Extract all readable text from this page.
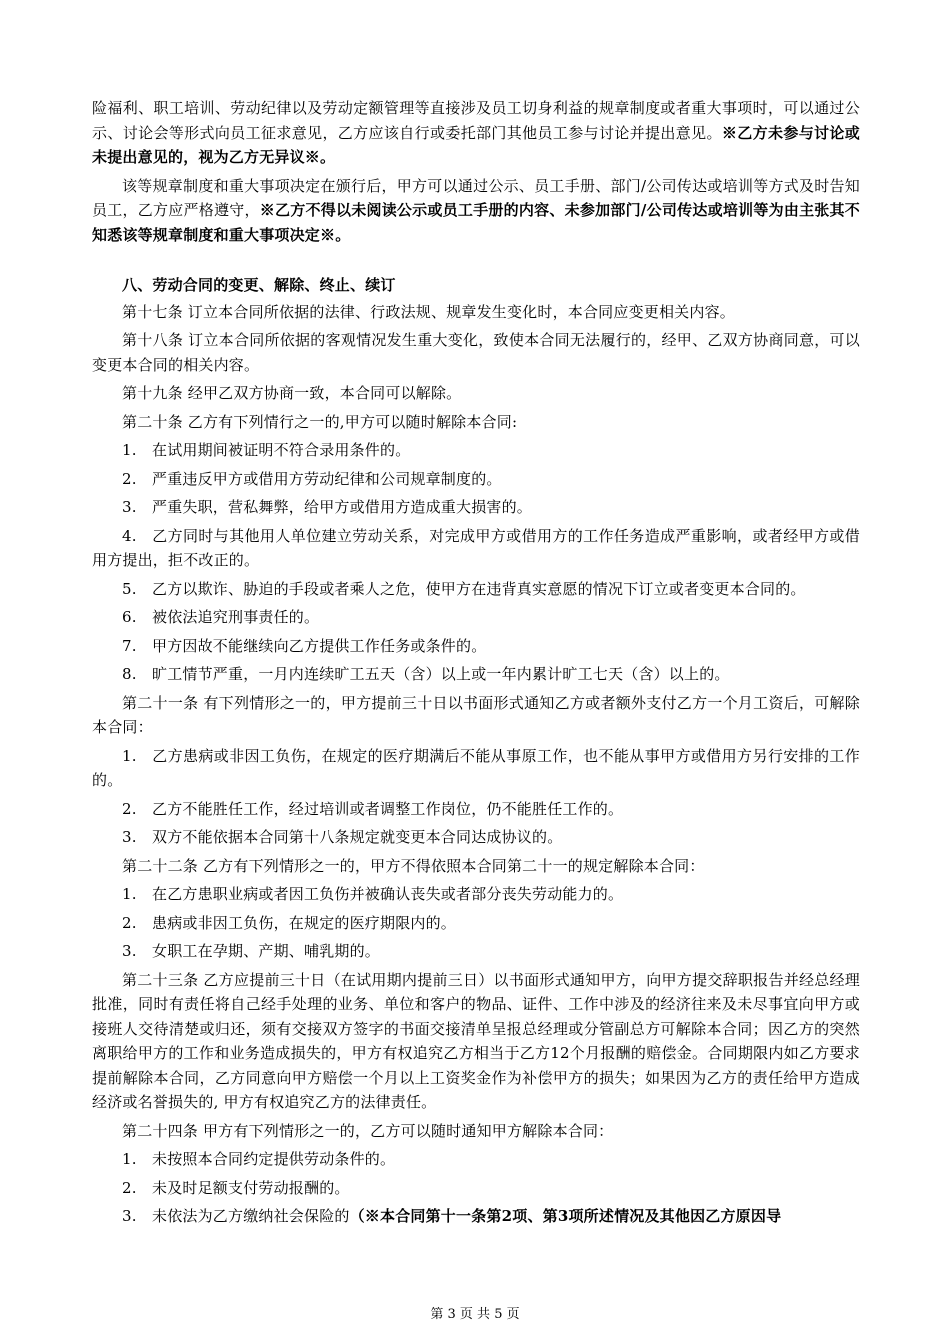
险福利、职工培训、劳动纪律以及劳动定额管理等直接涉及员工切身利益的规章制度或者重大事项时，可以通过公示、讨论会等形式向员工征求意见，乙方应该自行或委托部门其他员工参与讨论并提出意见。※乙方未参与讨论或未提出意见的，视为乙方无异议※。

该等规章制度和重大事项决定在颁行后，甲方可以通过公示、员工手册、部门/公司传达或培训等方式及时告知员工，乙方应严格遵守，※乙方不得以未阅读公示或员工手册的内容、未参加部门/公司传达或培训等为由主张其不知悉该等规章制度和重大事项决定※。

八、劳动合同的变更、解除、终止、续订

第十七条 订立本合同所依据的法律、行政法规、规章发生变化时，本合同应变更相关内容。

第十八条 订立本合同所依据的客观情况发生重大变化，致使本合同无法履行的，经甲、乙双方协商同意，可以变更本合同的相关内容。

第十九条 经甲乙双方协商一致，本合同可以解除。

第二十条 乙方有下列情行之一的,甲方可以随时解除本合同:

1. 在试用期间被证明不符合录用条件的。

2. 严重违反甲方或借用方劳动纪律和公司规章制度的。

3. 严重失职，营私舞弊，给甲方或借用方造成重大损害的。

4. 乙方同时与其他用人单位建立劳动关系，对完成甲方或借用方的工作任务造成严重影响，或者经甲方或借用方提出，拒不改正的。

5. 乙方以欺诈、胁迫的手段或者乘人之危，使甲方在违背真实意愿的情况下订立或者变更本合同的。

6. 被依法追究刑事责任的。

7. 甲方因故不能继续向乙方提供工作任务或条件的。

8. 旷工情节严重，一月内连续旷工五天（含）以上或一年内累计旷工七天（含）以上的。

第二十一条 有下列情形之一的，甲方提前三十日以书面形式通知乙方或者额外支付乙方一个月工资后，可解除本合同：

1. 乙方患病或非因工负伤，在规定的医疗期满后不能从事原工作，也不能从事甲方或借用方另行安排的工作的。

2. 乙方不能胜任工作，经过培训或者调整工作岗位，仍不能胜任工作的。

3. 双方不能依据本合同第十八条规定就变更本合同达成协议的。

第二十二条 乙方有下列情形之一的，甲方不得依照本合同第二十一的规定解除本合同：

1. 在乙方患职业病或者因工负伤并被确认丧失或者部分丧失劳动能力的。

2. 患病或非因工负伤，在规定的医疗期限内的。

3. 女职工在孕期、产期、哺乳期的。

第二十三条 乙方应提前三十日（在试用期内提前三日）以书面形式通知甲方，向甲方提交辞职报告并经总经理批准，同时有责任将自己经手处理的业务、单位和客户的物品、证件、工作中涉及的经济往来及未尽事宜向甲方或接班人交待清楚或归还，须有交接双方签字的书面交接清单呈报总经理或分管副总方可解除本合同；因乙方的突然离职给甲方的工作和业务造成损失的，甲方有权追究乙方相当于乙方12个月报酬的赔偿金。合同期限内如乙方要求提前解除本合同，乙方同意向甲方赔偿一个月以上工资奖金作为补偿甲方的损失；如果因为乙方的责任给甲方造成经济或名誉损失的, 甲方有权追究乙方的法律责任。

第二十四条 甲方有下列情形之一的，乙方可以随时通知甲方解除本合同：

1. 未按照本合同约定提供劳动条件的。

2. 未及时足额支付劳动报酬的。

3. 未依法为乙方缴纳社会保险的（※本合同第十一条第2项、第3项所述情况及其他因乙方原因导

第 3 页 共 5 页
